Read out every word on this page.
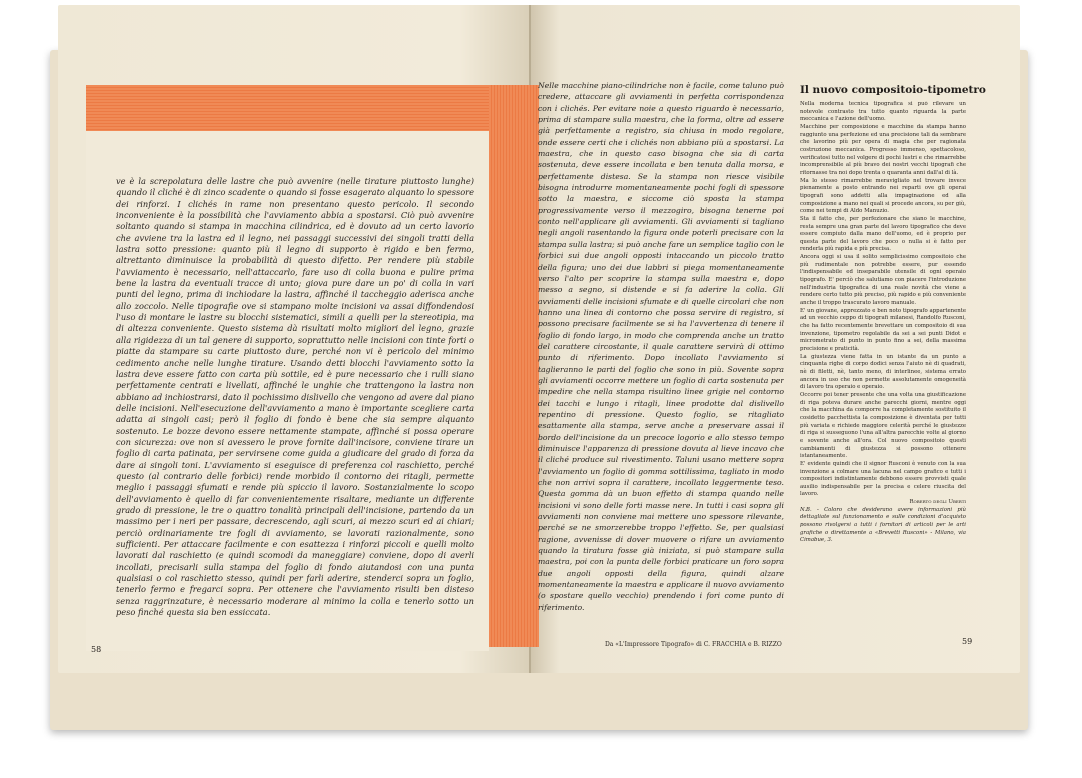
ve è la screpolatura delle lastre che può avvenire (nelle tirature piuttosto lunghe) quando il cliché è di zinco scadente o quando si fosse esagerato alquanto lo spessore dei rinforzi. I clichés in rame non presentano questo pericolo. Il secondo inconveniente è la possibilità che l'avviamento abbia a spostarsi. Ciò può avvenire soltanto quando si stampa in macchina cilindrica, ed è dovuto ad un certo lavorio che avviene tra la lastra ed il legno, nei passaggi successivi dei singoli tratti della lastra sotto pressione: quanto più il legno di supporto è rigido e ben fermo, altrettanto diminuisce la probabilità di questo difetto. Per rendere più stabile l'avviamento è necessario, nell'attaccarlo, fare uso di colla buona e pulire prima bene la lastra da eventuali tracce di unto; giova pure dare un po' di colla in vari punti del legno, prima di inchiodare la lastra, affinché il taccheggio aderisca anche allo zoccolo. Nelle tipografie ove si stampano molte incisioni va assai diffondendosi l'uso di montare le lastre su blocchi sistematici, simili a quelli per la stereotipia, ma di altezza conveniente. Questo sistema dà risultati molto migliori del legno, grazie alla rigidezza di un tal genere di supporto, soprattutto nelle incisioni con tinte forti o piatte da stampare su carte piuttosto dure, perché non vi è pericolo del minimo cedimento anche nelle lunghe tirature. Usando detti blocchi l'avviamento sotto la lastra deve essere fatto con carta più sottile, ed è pure necessario che i rulli siano perfettamente centrati e livellati, affinché le unghie che trattengono la lastra non abbiano ad inchiostrarsi, dato il pochissimo dislivello che vengono ad avere dal piano delle incisioni. Nell'esecuzione dell'avviamento a mano è importante scegliere carta adatta ai singoli casi; però il foglio di fondo è bene che sia sempre alquanto sostenuto. Le bozze devono essere nettamente stampate, affinché si possa operare con sicurezza: ove non si avessero le prove fornite dall'incisore, conviene tirare un foglio di carta patinata, per servirsene come guida a giudicare del grado di forza da dare ai singoli toni. L'avviamento si eseguisce di preferenza col raschietto, perché questo (al contrario delle forbici) rende morbido il contorno dei ritagli, permette meglio i passaggi sfumati e rende più spiccio il lavoro. Sostanzialmente lo scopo dell'avviamento è quello di far convenientemente risaltare, mediante un differente grado di pressione, le tre o quattro tonalità principali dell'incisione, partendo da un massimo per i neri per passare, decrescendo, agli scuri, ai mezzo scuri ed ai chiari; perciò ordinariamente tre fogli di avviamento, se lavorati razionalmente, sono sufficienti. Per attaccare facilmente e con esattezza i rinforzi piccoli e quelli molto lavorati dal raschietto (e quindi scomodi da maneggiare) conviene, dopo di averli incollati, precisarli sulla stampa del foglio di fondo aiutandosi con una punta qualsiasi o col raschietto stesso, quindi per farli aderire, stenderci sopra un foglio, tenerlo fermo e fregarci sopra. Per ottenere che l'avviamento risulti ben disteso senza raggrinzature, è necessario moderare al minimo la colla e tenerlo sotto un peso finché questa sia ben essiccata.

58

Nelle macchine piano-cilindriche non è facile, come taluno può credere, attaccare gli avviamenti in perfetta corrispondenza con i clichés. Per evitare noie a questo riguardo è necessario, prima di stampare sulla maestra, che la forma, oltre ad essere già perfettamente a registro, sia chiusa in modo regolare, onde essere certi che i clichés non abbiano più a spostarsi. La maestra, che in questo caso bisogna che sia di carta sostenuta, deve essere incollata e ben tenuta dalla morsa, e perfettamente distesa. Se la stampa non riesce visibile bisogna introdurre momentaneamente pochi fogli di spessore sotto la maestra, e siccome ciò sposta la stampa progressivamente verso il mezzogiro, bisogna tenerne poi conto nell'applicare gli avviamenti. Gli avviamenti si tagliano negli angoli rasentando la figura onde poterli precisare con la stampa sulla lastra; si può anche fare un semplice taglio con le forbici sui due angoli opposti intaccando un piccolo tratto della figura; uno dei due labbri si piega momentaneamente verso l'alto per scoprire la stampa sulla maestra e, dopo messo a segno, si distende e si fa aderire la colla. Gli avviamenti delle incisioni sfumate e di quelle circolari che non hanno una linea di contorno che possa servire di registro, si possono precisare facilmente se si ha l'avvertenza di tenere il foglio di fondo largo, in modo che comprenda anche un tratto del carattere circostante, il quale carattere servirà di ottimo punto di riferimento. Dopo incollato l'avviamento si taglieranno le parti del foglio che sono in più. Sovente sopra gli avviamenti occorre mettere un foglio di carta sostenuta per impedire che nella stampa risultino linee grigie nel contorno dei tacchi e lungo i ritagli, linee prodotte dal dislivello repentino di pressione. Questo foglio, se ritagliato esattamente alla stampa, serve anche a preservare assai il bordo dell'incisione da un precoce logorio e allo stesso tempo diminuisce l'apparenza di pressione dovuta al lieve incavo che il cliché produce sul rivestimento. Taluni usano mettere sopra l'avviamento un foglio di gomma sottilissima, tagliato in modo che non arrivi sopra il carattere, incollato leggermente teso. Questa gomma dà un buon effetto di stampa quando nelle incisioni vi sono delle forti masse nere. In tutti i casi sopra gli avviamenti non conviene mai mettere uno spessore rilevante, perché se ne smorzerebbe troppo l'effetto. Se, per qualsiasi ragione, avvenisse di dover muovere o rifare un avviamento quando la tiratura fosse già iniziata, si può stampare sulla maestra, poi con la punta delle forbici praticare un foro sopra due angoli opposti della figura, quindi alzare momentaneamente la maestra e applicare il nuovo avviamento (o spostare quello vecchio) prendendo i fori come punto di riferimento.

Da «L'Impressore Tipografo» di C. FRACCHIA e B. RIZZO
Il nuovo compositoio-tipometro

Nella moderna tecnica tipografica si può rilevare un notevole contrasto tra tutto quanto riguarda la parte meccanica e l'azione dell'uomo.

Macchine per composizione e macchine da stampa hanno raggiunto una perfezione ed una precisione tali da sembrare che lavorino più per opera di magia che per ragionata costruzione meccanica. Progresso immenso, spettacoloso, verificatosi tutto nel volgere di pochi lustri e che rimarrebbe incomprensibile al più bravo dei nostri vecchi tipografi che ritornasse tra noi dopo trenta o quaranta anni dall'al di là.

Ma lo stesso rimarrebbe meravigliato nel trovare invece pienamente a posto entrando nei reparti ove gli operai tipografi sono addetti alla impaginazione ed alla composizione a mano nei quali si procede ancora, su per giù, come nei tempi di Aldo Manuzio.

Sta il fatto che, per perfezionare che siano le macchine, resta sempre una gran parte del lavoro tipografico che deve essere compiuto dalla mano dell'uomo, ed è proprio per questa parte del lavoro che poco o nulla si è fatto per renderla più rapida e più precisa.

Ancora oggi si usa il solito semplicissimo compositoio che più rudimentale non potrebbe essere, pur essendo l'indispensabile ed inseparabile utensile di ogni operaio tipografo. E' perciò che salutiamo con piacere l'introduzione nell'industria tipografica di una reale novità che viene a rendere certo tutto più preciso, più rapido e più conveniente anche il troppo trascurato lavoro manuale.

E' un giovane, apprezzato e ben noto tipografo appartenente ad un vecchio ceppo di tipografi milanesi, Randolfo Rusconi, che ha fatto recentemente brevettare un compositoio di sua invenzione, tipometro regolabile da sei a sei punti Didot e micrometrato di punto in punto fino a sei, della massima precisione e praticità.

La giustezza viene fatta in un istante da un punto a cinquanta righe di corpo dodici senza l'aiuto nè di quadrati, nè di filetti, nè, tanto meno, di interlinee, sistema errato ancora in uso che non permette assolutamente omogeneità di lavoro tra operaio e operaio.

Occorre poi tener presente che una volta una giustificazione di riga poteva durare anche parecchi giorni, mentre oggi che la macchina da comporre ha completamente sostituito il cosidetto pacchettista la composizione è diventata per tutti più variata e richiede maggiore celerità perché le giustezze di riga si susseguono l'una all'altra parecchie volte al giorno e sovente anche all'ora. Col nuovo compositoio questi cambiamenti di giustezza si possono ottenere istantaneamente.

E' evidente quindi che il signor Rusconi è venuto con la sua invenzione a colmare una lacuna nel campo grafico e tutti i compositori indistintamente debbono essere provvisti quale ausilio indispensabile per la precisa e celere riuscita del lavoro.

Roberto degli Uberti

N.B. - Coloro che desiderano avere informazioni più dettagliate sul funzionamento e sulle condizioni d'acquisto possono rivolgersi a tutti i fornitori di articoli per le arti grafiche o direttamente a «Brevetti Rusconi» - Milano, via Cimabue, 3.

59
